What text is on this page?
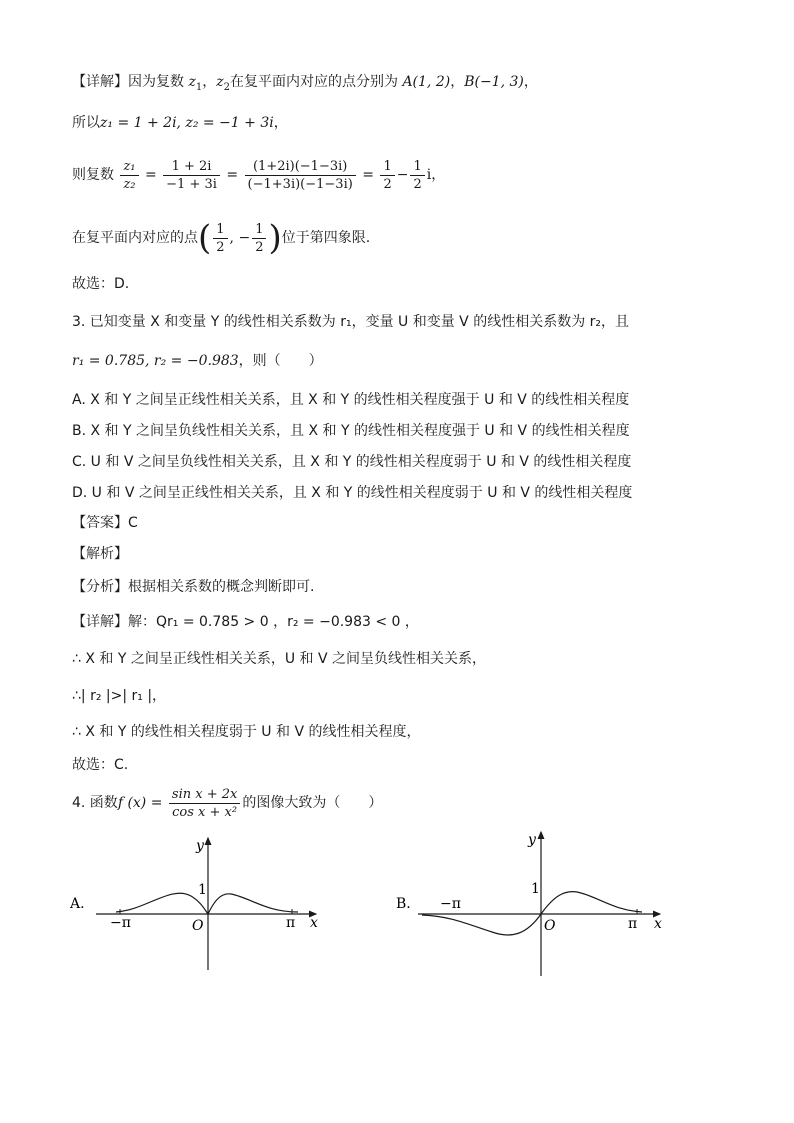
【详解】因为复数 $z_1$，$z_2$在复平面内对应的点分别为 A(1, 2)，B(−1, 3)，
所以z₁ = 1 + 2i, z₂ = −1 + 3i，
则复数 $\frac{\text{z₁}}{\text{z₂}} = \frac{1 + 2i}{-1 + 3i} = \frac{(1+2i)(-1-3i)}{(-1+3i)(-1-3i)} = \frac{1}{2} - \frac{1}{2}$ i，
在复平面内对应的点( $\frac{1}{2}$ , − $\frac{1}{2}$ )位于第四象限.
故选：D.
3. 已知变量 X 和变量 Y 的线性相关系数为 r₁，变量 U 和变量 V 的线性相关系数为 r₂，且
r₁ = 0.785, r₂ = −0.983，则（　　）
A. X 和 Y 之间呈正线性相关关系，且 X 和 Y 的线性相关程度强于 U 和 V 的线性相关程度
B. X 和 Y 之间呈负线性相关关系，且 X 和 Y 的线性相关程度强于 U 和 V 的线性相关程度
C. U 和 V 之间呈负线性相关关系，且 X 和 Y 的线性相关程度弱于 U 和 V 的线性相关程度
D. U 和 V 之间呈正线性相关关系，且 X 和 Y 的线性相关程度弱于 U 和 V 的线性相关程度
【答案】C
【解析】
【分析】根据相关系数的概念判断即可.
【详解】解：Qr₁ = 0.785 > 0 ，r₂ = −0.983 < 0 ，
∴ X 和 Y 之间呈正线性相关关系，U 和 V 之间呈负线性相关关系，
∴| r₂ |>| r₁ |，
∴ X 和 Y 的线性相关程度弱于 U 和 V 的线性相关程度，
故选：C.
4. 函数f $(x) = \frac{\text{sin x + 2x}}{\text{cos x + x²}}$ 的图像大致为（　　）
A.
y
x
1
O
−π	π
B.
y
x
1
O
−π
π
